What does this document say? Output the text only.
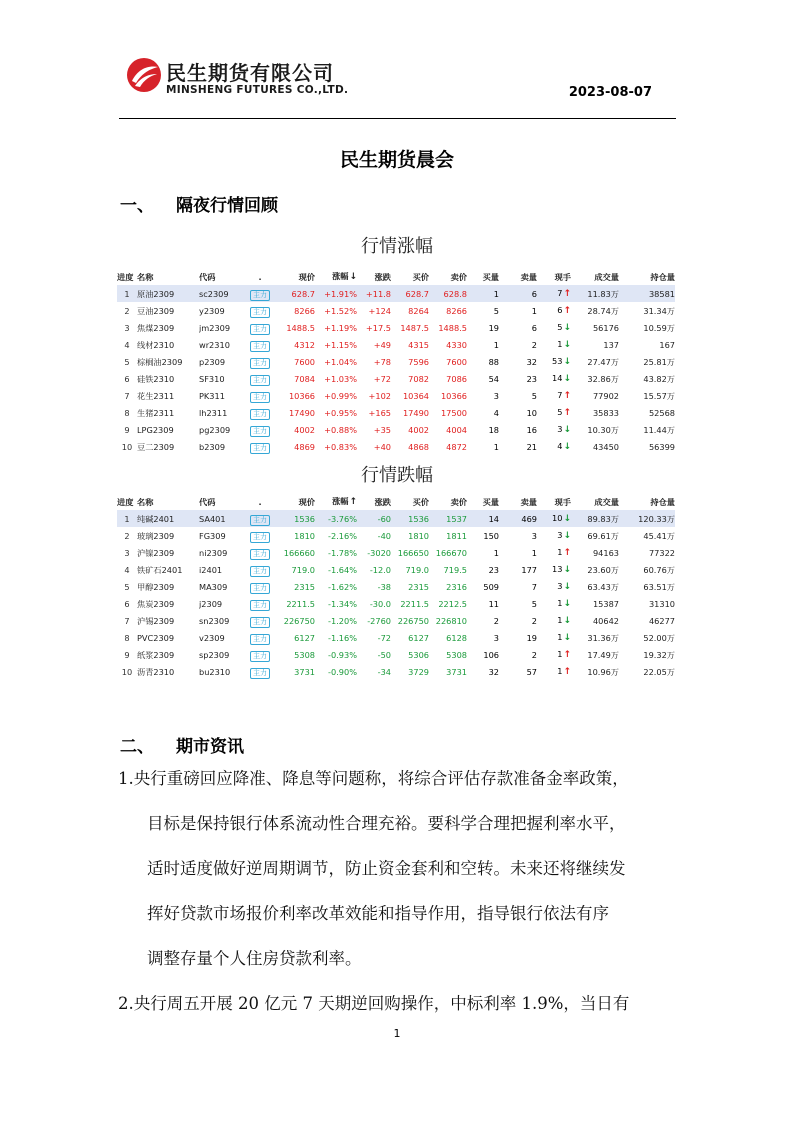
民生期货有限公司
MINSHENG FUTURES CO.,LTD.	2023-08-07
民生期货晨会
一、 隔夜行情回顾
行情涨幅
进度	名称	代码	.	现价	涨幅↓	涨跌	买价	卖价	买量	卖量	现手	成交量	持仓量
1	原油2309	sc2309	主力	628.7	+1.91%	+11.8	628.7	628.8	1	6	7↑	11.83万	38581
2	豆油2309	y2309	主力	8266	+1.52%	+124	8264	8266	5	1	6↑	28.74万	31.34万
3	焦煤2309	jm2309	主力	1488.5	+1.19%	+17.5	1487.5	1488.5	19	6	5↓	56176	10.59万
4	线材2310	wr2310	主力	4312	+1.15%	+49	4315	4330	1	2	1↓	137	167
5	棕榈油2309	p2309	主力	7600	+1.04%	+78	7596	7600	88	32	53↓	27.47万	25.81万
6	硅铁2310	SF310	主力	7084	+1.03%	+72	7082	7086	54	23	14↓	32.86万	43.82万
7	花生2311	PK311	主力	10366	+0.99%	+102	10364	10366	3	5	7↑	77902	15.57万
8	生猪2311	lh2311	主力	17490	+0.95%	+165	17490	17500	4	10	5↑	35833	52568
9	LPG2309	pg2309	主力	4002	+0.88%	+35	4002	4004	18	16	3↓	10.30万	11.44万
10	豆二2309	b2309	主力	4869	+0.83%	+40	4868	4872	1	21	4↓	43450	56399
行情跌幅
进度	名称	代码	.	现价	涨幅↑	涨跌	买价	卖价	买量	卖量	现手	成交量	持仓量
1	纯碱2401	SA401	主力	1536	-3.76%	-60	1536	1537	14	469	10↓	89.83万	120.33万
2	玻璃2309	FG309	主力	1810	-2.16%	-40	1810	1811	150	3	3↓	69.61万	45.41万
3	沪镍2309	ni2309	主力	166660	-1.78%	-3020	166650	166670	1	1	1↑	94163	77322
4	铁矿石2401	i2401	主力	719.0	-1.64%	-12.0	719.0	719.5	23	177	13↓	23.60万	60.76万
5	甲醇2309	MA309	主力	2315	-1.62%	-38	2315	2316	509	7	3↓	63.43万	63.51万
6	焦炭2309	j2309	主力	2211.5	-1.34%	-30.0	2211.5	2212.5	11	5	1↓	15387	31310
7	沪锡2309	sn2309	主力	226750	-1.20%	-2760	226750	226810	2	2	1↓	40642	46277
8	PVC2309	v2309	主力	6127	-1.16%	-72	6127	6128	3	19	1↓	31.36万	52.00万
9	纸浆2309	sp2309	主力	5308	-0.93%	-50	5306	5308	106	2	1↑	17.49万	19.32万
10	沥青2310	bu2310	主力	3731	-0.90%	-34	3729	3731	32	57	1↑	10.96万	22.05万
二、 期市资讯
1.央行重磅回应降准、降息等问题称，将综合评估存款准备金率政策，
目标是保持银行体系流动性合理充裕。要科学合理把握利率水平，
适时适度做好逆周期调节，防止资金套利和空转。未来还将继续发
挥好贷款市场报价利率改革效能和指导作用，指导银行依法有序
调整存量个人住房贷款利率。
2.央行周五开展 20 亿元 7 天期逆回购操作，中标利率 1.9%，当日有
1
